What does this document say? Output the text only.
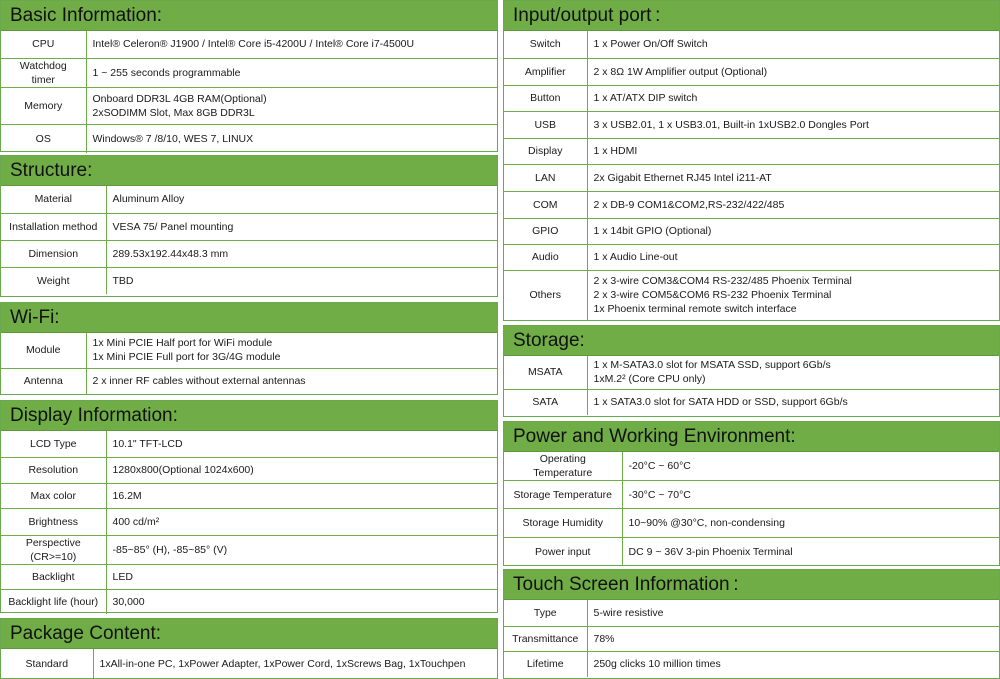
Basic Information:
CPU	Intel® Celeron® J1900 / Intel® Core i5-4200U / Intel® Core i7-4500U

Watchdog timer	1 ~ 255 seconds programmable

Memory	Onboard DDR3L 4GB RAM(Optional)
2xSODIMM Slot, Max 8GB DDR3L

OS	Windows® 7 /8/10, WES 7, LINUX
Structure:
Material	Aluminum Alloy

Installation method	VESA 75/ Panel mounting

Dimension	289.53x192.44x48.3 mm

Weight	TBD
Wi-Fi:
Module	1x Mini PCIE Half port for WiFi module
1x Mini PCIE Full port for 3G/4G module

Antenna	2 x inner RF cables without external antennas
Display Information:
LCD Type	10.1" TFT-LCD

Resolution	1280x800(Optional 1024x600)

Max color	16.2M

Brightness	400 cd/m²

Perspective (CR>=10)	-85~85° (H), -85~85° (V)

Backlight	LED

Backlight life (hour)	30,000
Package Content:
Standard	1xAll-in-one PC, 1xPower Adapter, 1xPower Cord, 1xScrews Bag, 1xTouchpen
Input/output port :
Switch	1 x Power On/Off Switch

Amplifier	2 x 8Ω 1W Amplifier output (Optional)

Button	1 x AT/ATX DIP switch

USB	3 x USB2.01, 1 x USB3.01, Built-in 1xUSB2.0 Dongles Port

Display	1 x HDMI

LAN	2x Gigabit Ethernet RJ45 Intel i211-AT

COM	2 x DB-9 COM1&COM2,RS-232/422/485

GPIO	1 x 14bit GPIO (Optional)

Audio	1 x Audio Line-out

Others	2 x 3-wire COM3&COM4 RS-232/485 Phoenix Terminal
2 x 3-wire COM5&COM6 RS-232 Phoenix Terminal
1x Phoenix terminal remote switch interface
Storage:
MSATA	1 x M-SATA3.0 slot for MSATA SSD, support 6Gb/s
1xM.2² (Core CPU only)

SATA	1 x SATA3.0 slot for SATA HDD or SSD, support 6Gb/s
Power and Working Environment:
Operating Temperature	-20°C ~ 60°C

Storage Temperature	-30°C ~ 70°C

Storage Humidity	10~90% @30°C, non-condensing

Power input	DC 9 ~ 36V 3-pin Phoenix Terminal
Touch Screen Information :
Type	5-wire resistive

Transmittance	78%

Lifetime	250g clicks 10 million times
